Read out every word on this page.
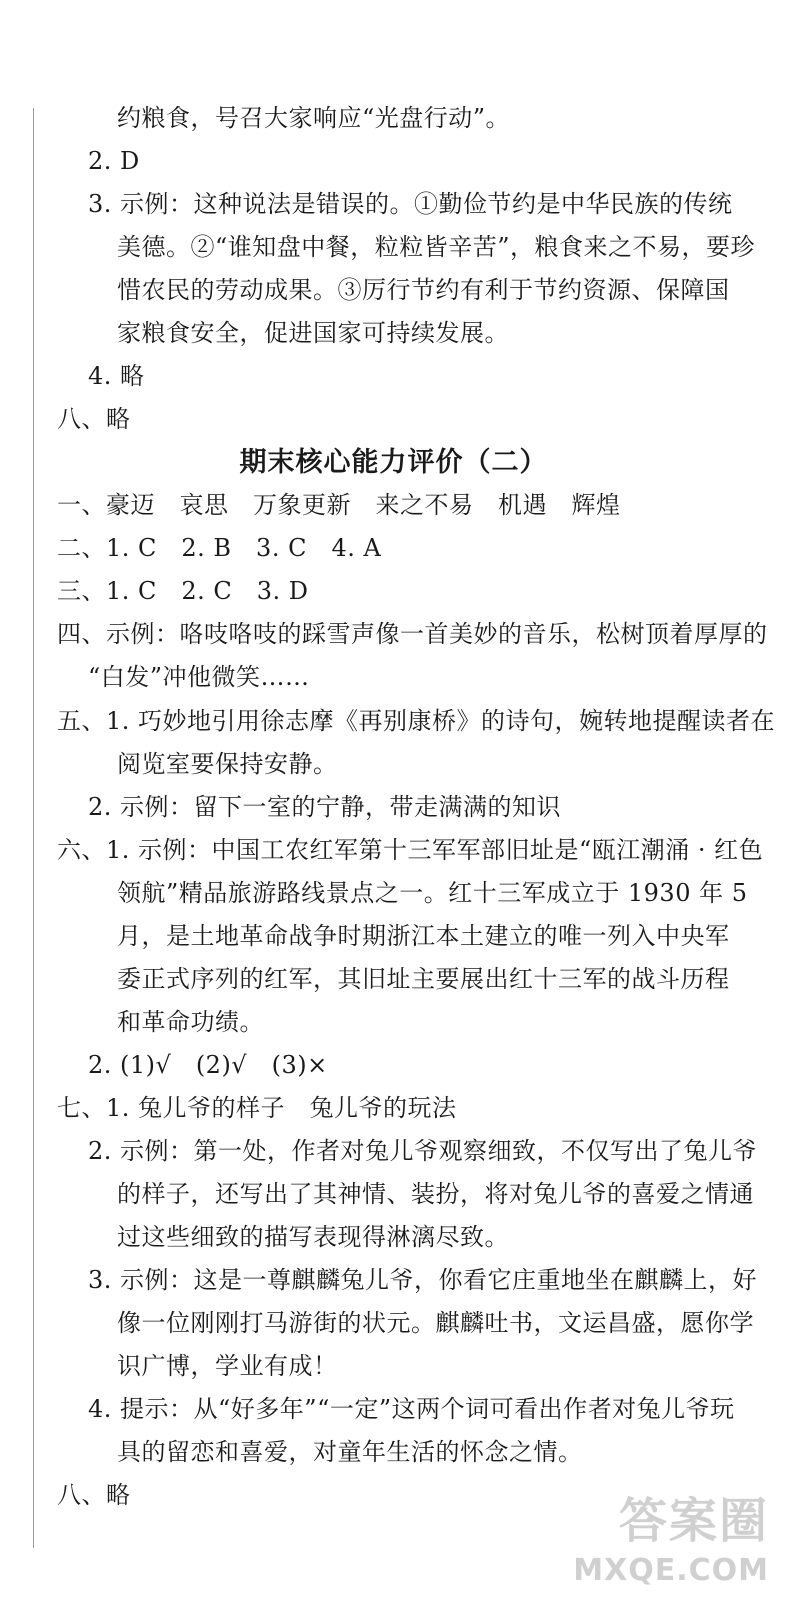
约粮食，号召大家响应“光盘行动”。
2. D
3. 示例：这种说法是错误的。①勤俭节约是中华民族的传统
美德。②“谁知盘中餐，粒粒皆辛苦”，粮食来之不易，要珍
惜农民的劳动成果。③厉行节约有利于节约资源、保障国
家粮食安全，促进国家可持续发展。
4. 略
八、略
期末核心能力评价（二）
一、豪迈　哀思　万象更新　来之不易　机遇　辉煌
二、1. C　2. B　3. C　4. A
三、1. C　2. C　3. D
四、示例：咯吱咯吱的踩雪声像一首美妙的音乐，松树顶着厚厚的
“白发”冲他微笑……
五、1. 巧妙地引用徐志摩《再别康桥》的诗句，婉转地提醒读者在
阅览室要保持安静。
2. 示例：留下一室的宁静，带走满满的知识
六、1. 示例：中国工农红军第十三军军部旧址是“瓯江潮涌 · 红色
领航”精品旅游路线景点之一。红十三军成立于 1930 年 5
月，是土地革命战争时期浙江本土建立的唯一列入中央军
委正式序列的红军，其旧址主要展出红十三军的战斗历程
和革命功绩。
2. (1)√　(2)√　(3)×
七、1. 兔儿爷的样子　兔儿爷的玩法
2. 示例：第一处，作者对兔儿爷观察细致，不仅写出了兔儿爷
的样子，还写出了其神情、装扮，将对兔儿爷的喜爱之情通
过这些细致的描写表现得淋漓尽致。
3. 示例：这是一尊麒麟兔儿爷，你看它庄重地坐在麒麟上，好
像一位刚刚打马游街的状元。麒麟吐书，文运昌盛，愿你学
识广博，学业有成！
4. 提示：从“好多年”“一定”这两个词可看出作者对兔儿爷玩
具的留恋和喜爱，对童年生活的怀念之情。
八、略	答案圈
MXQE.COM
